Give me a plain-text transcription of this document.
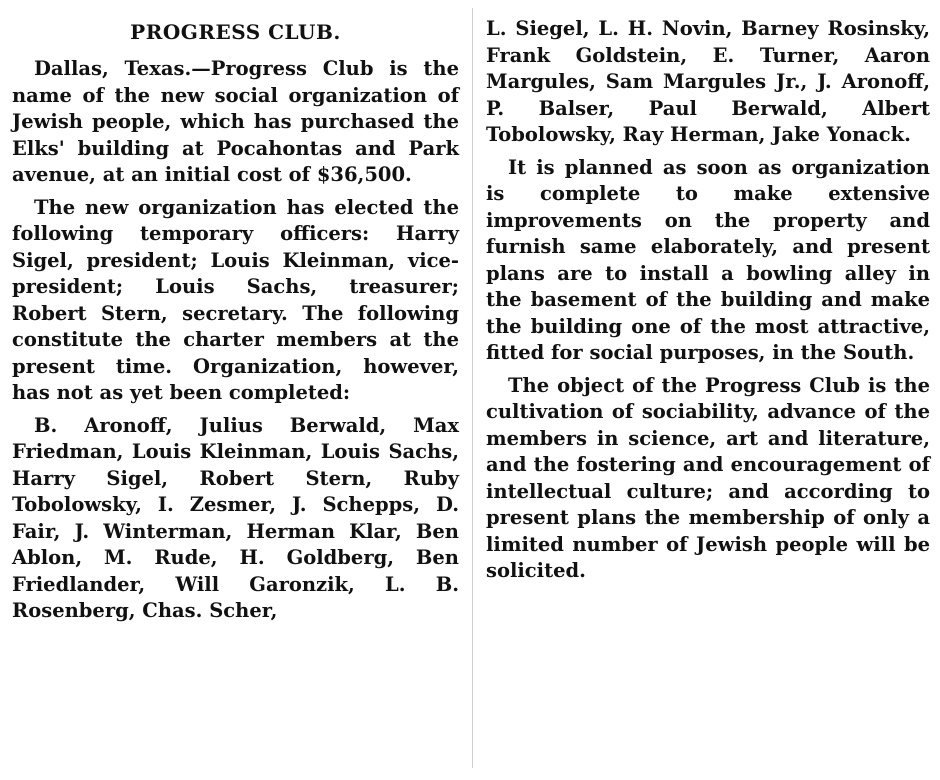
PROGRESS CLUB.

Dallas, Texas.—Progress Club is the name of the new social organization of Jewish people, which has purchased the Elks' building at Pocahontas and Park avenue, at an initial cost of $36,500.

The new organization has elected the following temporary officers: Harry Sigel, president; Louis Kleinman, vice-president; Louis Sachs, treasurer; Robert Stern, secretary. The following constitute the charter members at the present time. Organization, however, has not as yet been completed:

B. Aronoff, Julius Berwald, Max Friedman, Louis Kleinman, Louis Sachs, Harry Sigel, Robert Stern, Ruby Tobolowsky, I. Zesmer, J. Schepps, D. Fair, J. Winterman, Herman Klar, Ben Ablon, M. Rude, H. Goldberg, Ben Friedlander, Will Garonzik, L. B. Rosenberg, Chas. Scher,

L. Siegel, L. H. Novin, Barney Rosinsky, Frank Goldstein, E. Turner, Aaron Margules, Sam Margules Jr., J. Aronoff, P. Balser, Paul Berwald, Albert Tobolowsky, Ray Herman, Jake Yonack.

It is planned as soon as organization is complete to make extensive improvements on the property and furnish same elaborately, and present plans are to install a bowling alley in the basement of the building and make the building one of the most attractive, fitted for social purposes, in the South.

The object of the Progress Club is the cultivation of sociability, advance of the members in science, art and literature, and the fostering and encouragement of intellectual culture; and according to present plans the membership of only a limited number of Jewish people will be solicited.
